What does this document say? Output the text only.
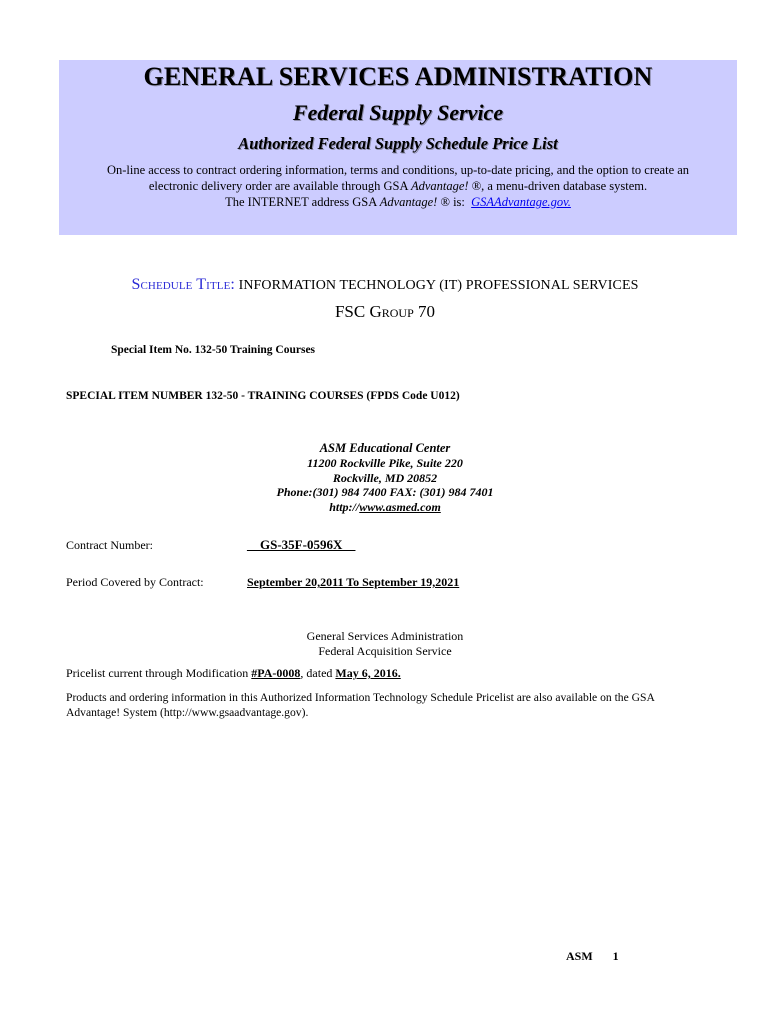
GENERAL SERVICES ADMINISTRATION
Federal Supply Service
Authorized Federal Supply Schedule Price List
On-line access to contract ordering information, terms and conditions, up-to-date pricing, and the option to create an
electronic delivery order are available through GSA Advantage! ®, a menu-driven database system.
The INTERNET address GSA Advantage! ® is: GSAAdvantage.gov.
Schedule Title: INFORMATION TECHNOLOGY (IT) PROFESSIONAL SERVICES
FSC Group 70
Special Item No. 132-50 Training Courses
SPECIAL ITEM NUMBER 132-50 - TRAINING COURSES (FPDS Code U012)
ASM Educational Center
11200 Rockville Pike, Suite 220
Rockville, MD 20852
Phone:(301) 984 7400 FAX: (301) 984 7401
http://www.asmed.com
Contract Number:	__GS-35F-0596X__
Period Covered by Contract:	September 20,2011 To September 19,2021
General Services Administration
Federal Acquisition Service
Pricelist current through Modification #PA-0008, dated May 6, 2016.
Products and ordering information in this Authorized Information Technology Schedule Pricelist are also available on the GSA Advantage! System (http://www.gsaadvantage.gov).
ASM 1
